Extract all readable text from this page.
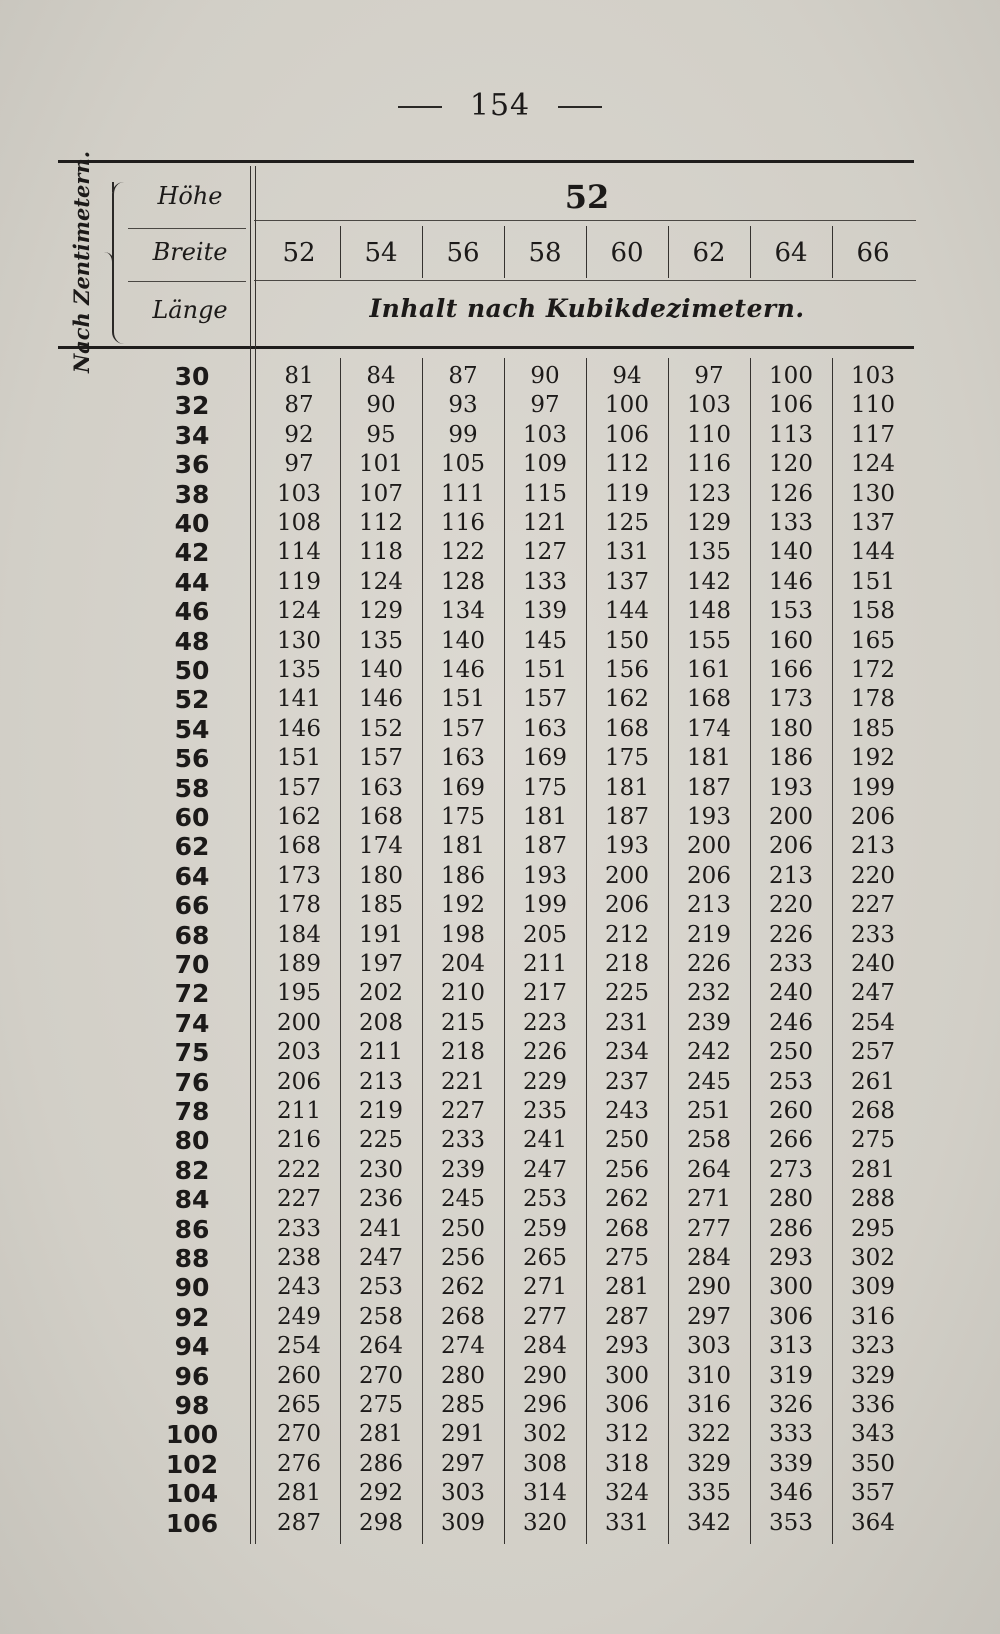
154
Nach Zentimetern.	Höhe
Breite
Länge
52
Inhalt nach Kubikdezimetern.
52	54	56	58	60	62	64	66
30	81	84	87	90	94	97	100	103
32	87	90	93	97	100	103	106	110
34	92	95	99	103	106	110	113	117
36	97	101	105	109	112	116	120	124
38	103	107	111	115	119	123	126	130
40	108	112	116	121	125	129	133	137
42	114	118	122	127	131	135	140	144
44	119	124	128	133	137	142	146	151
46	124	129	134	139	144	148	153	158
48	130	135	140	145	150	155	160	165
50	135	140	146	151	156	161	166	172
52	141	146	151	157	162	168	173	178
54	146	152	157	163	168	174	180	185
56	151	157	163	169	175	181	186	192
58	157	163	169	175	181	187	193	199
60	162	168	175	181	187	193	200	206
62	168	174	181	187	193	200	206	213
64	173	180	186	193	200	206	213	220
66	178	185	192	199	206	213	220	227
68	184	191	198	205	212	219	226	233
70	189	197	204	211	218	226	233	240
72	195	202	210	217	225	232	240	247
74	200	208	215	223	231	239	246	254
75	203	211	218	226	234	242	250	257
76	206	213	221	229	237	245	253	261
78	211	219	227	235	243	251	260	268
80	216	225	233	241	250	258	266	275
82	222	230	239	247	256	264	273	281
84	227	236	245	253	262	271	280	288
86	233	241	250	259	268	277	286	295
88	238	247	256	265	275	284	293	302
90	243	253	262	271	281	290	300	309
92	249	258	268	277	287	297	306	316
94	254	264	274	284	293	303	313	323
96	260	270	280	290	300	310	319	329
98	265	275	285	296	306	316	326	336
100	270	281	291	302	312	322	333	343
102	276	286	297	308	318	329	339	350
104	281	292	303	314	324	335	346	357
106	287	298	309	320	331	342	353	364
